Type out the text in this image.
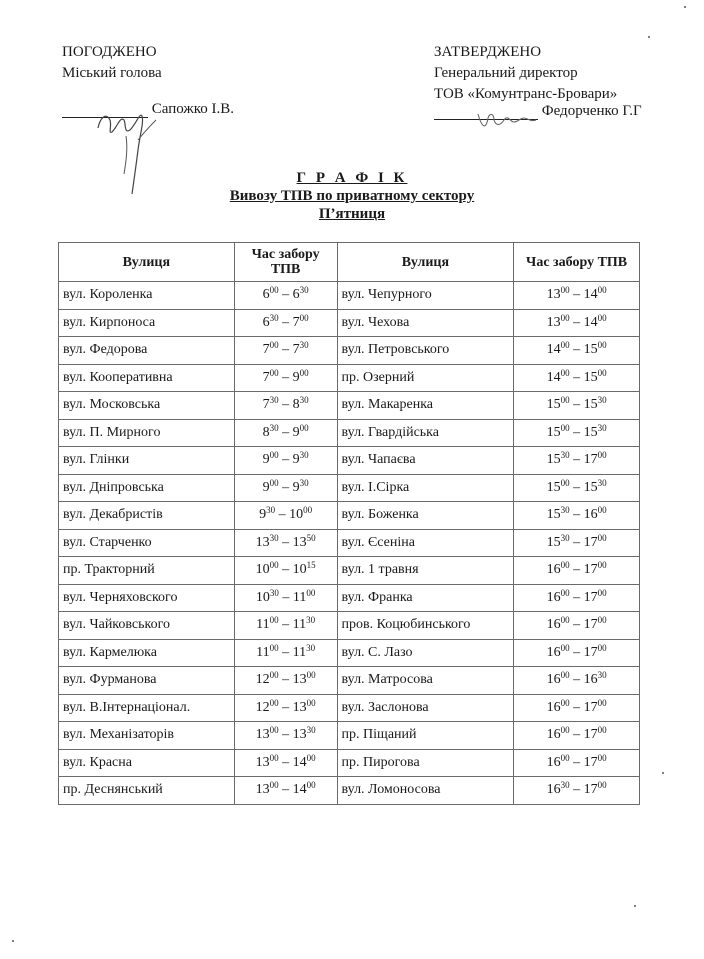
ПОГОДЖЕНО
Міський голова
Сапожко І.В.
ЗАТВЕРДЖЕНО
Генеральний директор
ТОВ «Комунтранс-Бровари»
Федорченко Г.Г
Г Р А Ф І К
Вивозу ТПВ по приватному сектору
П’ятниця
Вулиця	Час забору ТПВ	Вулиця	Час забору ТПВ
вул. Короленка	$6^{00} - 6^{30}$	вул. Чепурного	$13^{00} - 14^{00}$
вул. Кирпоноса	$6^{30} - 7^{00}$	вул. Чехова	$13^{00} - 14^{00}$
вул. Федорова	$7^{00} - 7^{30}$	вул. Петровського	$14^{00} - 15^{00}$
вул. Кооперативна	$7^{00} - 9^{00}$	пр. Озерний	$14^{00} - 15^{00}$
вул. Московська	$7^{30} - 8^{30}$	вул. Макаренка	$15^{00} - 15^{30}$
вул. П. Мирного	$8^{30} - 9^{00}$	вул. Гвардійська	$15^{00} - 15^{30}$
вул. Глінки	$9^{00} - 9^{30}$	вул. Чапаєва	$15^{30} - 17^{00}$
вул. Дніпровська	$9^{00} - 9^{30}$	вул. І.Сірка	$15^{00} - 15^{30}$
вул. Декабристів	$9^{30} - 10^{00}$	вул. Боженка	$15^{30} - 16^{00}$
вул. Старченко	$13^{30} - 13^{50}$	вул. Єсеніна	$15^{30} - 17^{00}$
пр. Тракторний	$10^{00} - 10^{15}$	вул. 1 травня	$16^{00} - 17^{00}$
вул. Черняховского	$10^{30} - 11^{00}$	вул. Франка	$16^{00} - 17^{00}$
вул. Чайковського	$11^{00} - 11^{30}$	пров. Коцюбинського	$16^{00} - 17^{00}$
вул. Кармелюка	$11^{00} - 11^{30}$	вул. С. Лазо	$16^{00} - 17^{00}$
вул. Фурманова	$12^{00} - 13^{00}$	вул. Матросова	$16^{00} - 16^{30}$
вул. В.Інтернаціонал.	$12^{00} - 13^{00}$	вул. Заслонова	$16^{00} - 17^{00}$
вул. Механізаторів	$13^{00} - 13^{30}$	пр. Піщаний	$16^{00} - 17^{00}$
вул. Красна	$13^{00} - 14^{00}$	пр. Пирогова	$16^{00} - 17^{00}$
пр. Деснянський	$13^{00} - 14^{00}$	вул. Ломоносова	$16^{30} - 17^{00}$
